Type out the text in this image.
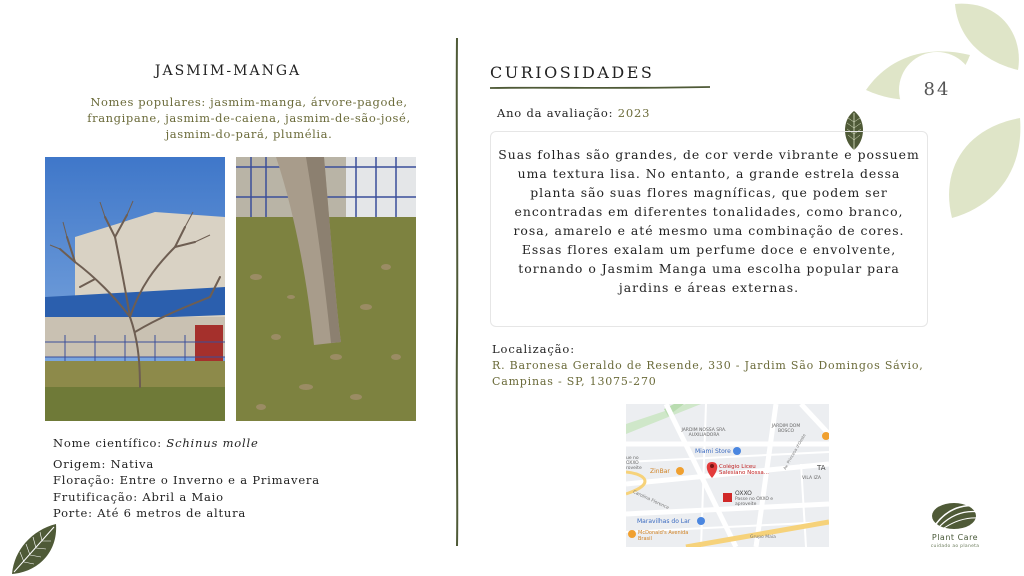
JASMIM-MANGA
Nomes populares: jasmim-manga, árvore-pagode, frangipane, jasmim-de-caiena, jasmim-de-são-josé, jasmim-do-pará, plumélia.
Nome científico: Schinus molle
Origem: Nativa
Floração: Entre o Inverno e a Primavera
Frutificação: Abril a Maio
Porte: Até 6 metros de altura
CURIOSIDADES
Ano da avaliação: 2023

Suas folhas são grandes, de cor verde vibrante e possuem uma textura lisa. No entanto, a grande estrela dessa planta são suas flores magníficas, que podem ser encontradas em diferentes tonalidades, como branco, rosa, amarelo e até mesmo uma combinação de cores. Essas flores exalam um perfume doce e envolvente, tornando o Jasmim Manga uma escolha popular para jardins e áreas externas.

Localização:
R. Baronesa Geraldo de Resende, 330 - Jardim São Domingos Sávio, Campinas - SP, 13075-270
JARDIM NOSSA SRA. AUXILIADORA
JARDIM DOM BOSCO
Miami Store
ue no OXXO roveite	ZinBar
Colégio Liceu Salesiano Nossa...
TA
VILA IZA
Carolina Florence
Av. Princesa d'Oeste
OXXO
Passe no OXXO e aproveite
Maravilhas do Lar
McDonald's Avenida Brasil	Grupo Maia
84
Plant Care
cuidado ao planeta
